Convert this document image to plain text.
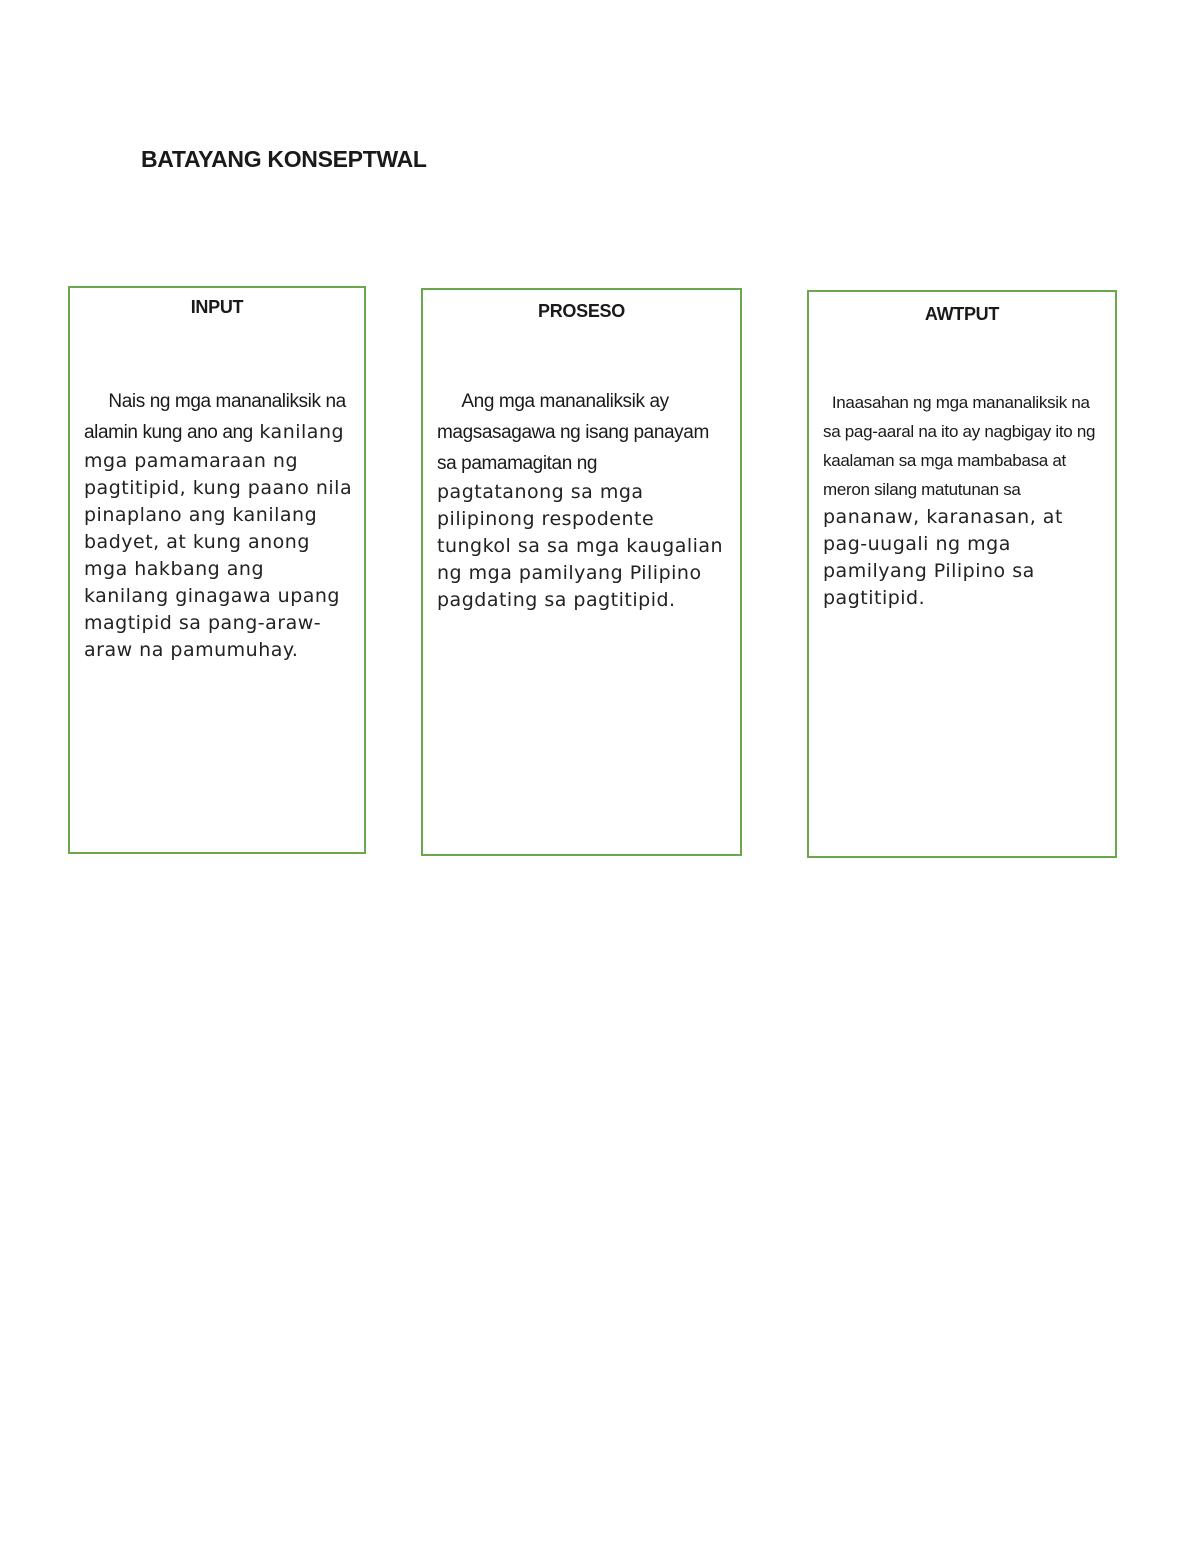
BATAYANG KONSEPTWAL
INPUT

Nais ng mga mananaliksik na alamin kung ano ang kanilang mga pamamaraan ng pagtitipid, kung paano nila pinaplano ang kanilang badyet, at kung anong mga hakbang ang kanilang ginagawa upang magtipid sa pang-araw-araw na pamumuhay.

PROSESO

Ang mga mananaliksik ay magsasagawa ng isang panayam sa pamamagitan ng pagtatanong sa mga pilipinong respodente tungkol sa sa mga kaugalian ng mga pamilyang Pilipino pagdating sa pagtitipid.

AWTPUT

Inaasahan ng mga mananaliksik na sa pag-aaral na ito ay nagbigay ito ng kaalaman sa mga mambabasa at meron silang matutunan sa

pananaw, karanasan, at pag-uugali ng mga pamilyang Pilipino sa pagtitipid.
